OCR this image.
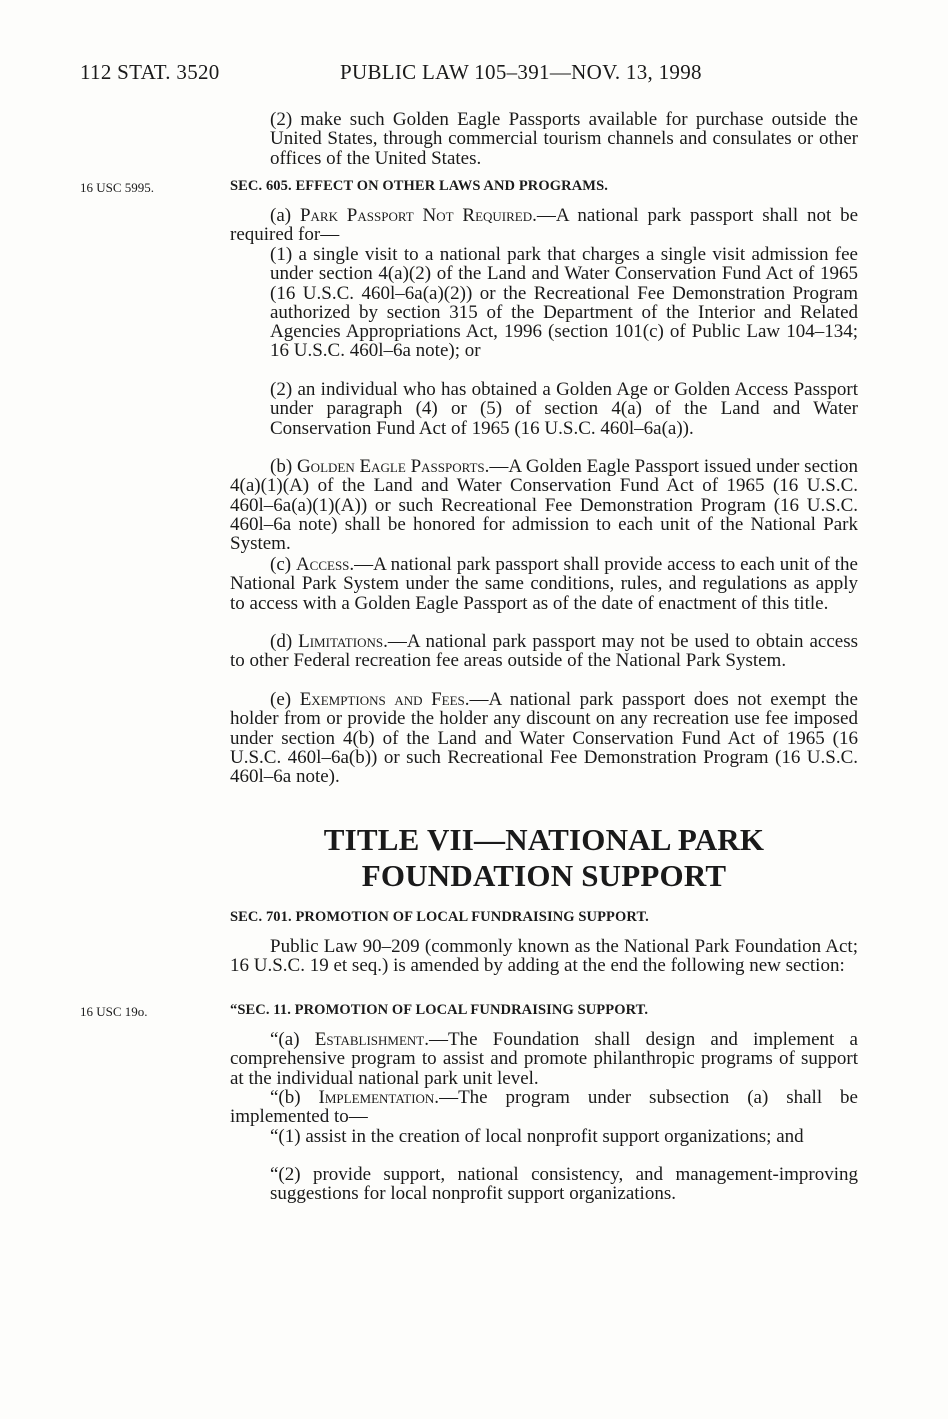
112 STAT. 3520	PUBLIC LAW 105–391—NOV. 13, 1998

(2) make such Golden Eagle Passports available for purchase outside the United States, through commercial tourism channels and consulates or other offices of the United States.

16 USC 5995.	SEC. 605. EFFECT ON OTHER LAWS AND PROGRAMS.

(a) Park Passport Not Required.—A national park passport shall not be required for—

(1) a single visit to a national park that charges a single visit admission fee under section 4(a)(2) of the Land and Water Conservation Fund Act of 1965 (16 U.S.C. 460l–6a(a)(2)) or the Recreational Fee Demonstration Program authorized by section 315 of the Department of the Interior and Related Agencies Appropriations Act, 1996 (section 101(c) of Public Law 104–134; 16 U.S.C. 460l–6a note); or

(2) an individual who has obtained a Golden Age or Golden Access Passport under paragraph (4) or (5) of section 4(a) of the Land and Water Conservation Fund Act of 1965 (16 U.S.C. 460l–6a(a)).

(b) Golden Eagle Passports.—A Golden Eagle Passport issued under section 4(a)(1)(A) of the Land and Water Conservation Fund Act of 1965 (16 U.S.C. 460l–6a(a)(1)(A)) or such Recreational Fee Demonstration Program (16 U.S.C. 460l–6a note) shall be honored for admission to each unit of the National Park System.

(c) Access.—A national park passport shall provide access to each unit of the National Park System under the same conditions, rules, and regulations as apply to access with a Golden Eagle Passport as of the date of enactment of this title.

(d) Limitations.—A national park passport may not be used to obtain access to other Federal recreation fee areas outside of the National Park System.

(e) Exemptions and Fees.—A national park passport does not exempt the holder from or provide the holder any discount on any recreation use fee imposed under section 4(b) of the Land and Water Conservation Fund Act of 1965 (16 U.S.C. 460l–6a(b)) or such Recreational Fee Demonstration Program (16 U.S.C. 460l–6a note).

TITLE VII—NATIONAL PARK
FOUNDATION SUPPORT

SEC. 701. PROMOTION OF LOCAL FUNDRAISING SUPPORT.

Public Law 90–209 (commonly known as the National Park Foundation Act; 16 U.S.C. 19 et seq.) is amended by adding at the end the following new section:

16 USC 19o.	“SEC. 11. PROMOTION OF LOCAL FUNDRAISING SUPPORT.

“(a) Establishment.—The Foundation shall design and implement a comprehensive program to assist and promote philanthropic programs of support at the individual national park unit level.

“(b) Implementation.—The program under subsection (a) shall be implemented to—

“(1) assist in the creation of local nonprofit support organizations; and

“(2) provide support, national consistency, and management-improving suggestions for local nonprofit support organizations.
